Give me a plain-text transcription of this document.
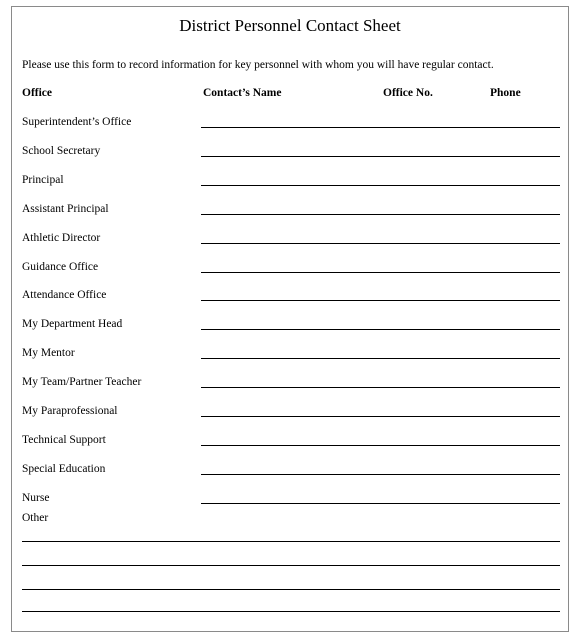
District Personnel Contact Sheet
Please use this form to record information for key personnel with whom you will have regular contact.
Office	Contact’s Name	Office No.	Phone
Superintendent’s Office
School Secretary
Principal
Assistant Principal
Athletic Director
Guidance Office
Attendance Office
My Department Head
My Mentor
My Team/Partner Teacher
My Paraprofessional
Technical Support
Special Education
Nurse
Other
